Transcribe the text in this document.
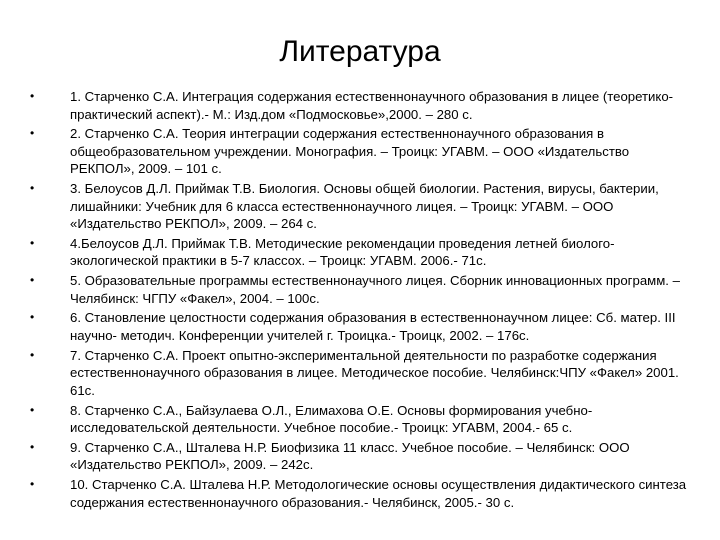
Литература
•	1. Старченко С.А. Интеграция содержания естественнонаучного образования в лицее (теоретико-практический аспект).- М.: Изд.дом «Подмосковье»,2000. – 280 с.
•	2. Старченко С.А. Теория интеграции содержания естественнонаучного образования в общеобразовательном учреждении. Монография. – Троицк: УГАВМ. – ООО «Издательство РЕКПОЛ», 2009. – 101 с.
•	3. Белоусов Д.Л. Приймак Т.В. Биология. Основы общей биологии. Растения, вирусы, бактерии, лишайники: Учебник для 6 класса естественнонаучного лицея. – Троицк: УГАВМ. – ООО «Издательство РЕКПОЛ», 2009. – 264 с.
•	4.Белоусов Д.Л. Приймак Т.В. Методические рекомендации проведения летней биолого-экологической практики в 5-7 классох. – Троицк: УГАВМ. 2006.- 71с.
•	5. Образовательные программы естественнонаучного лицея. Сборник инновационных программ. – Челябинск: ЧГПУ «Факел», 2004. – 100с.
•	6. Становление целостности содержания образования в естественнонаучном лицее: Сб. матер. III научно- методич. Конференции учителей г. Троицка.- Троицк, 2002. – 176с.
•	7. Старченко С.А. Проект опытно-экспериментальной деятельности по разработке содержания естественнонаучного образования в лицее. Методическое пособие. Челябинск:ЧПУ «Факел» 2001. 61с.
•	8. Старченко С.А., Байзулаева О.Л., Елимахова О.Е. Основы формирования учебно-исследовательской деятельности. Учебное пособие.- Троицк: УГАВМ, 2004.- 65 с.
•	9. Старченко С.А., Шталева Н.Р. Биофизика 11 класс. Учебное пособие. – Челябинск: ООО «Издательство РЕКПОЛ», 2009. – 242с.
•	10. Старченко С.А. Шталева Н.Р. Методологические основы осуществления дидактического синтеза содержания естественнонаучного образования.- Челябинск, 2005.- 30 с.
